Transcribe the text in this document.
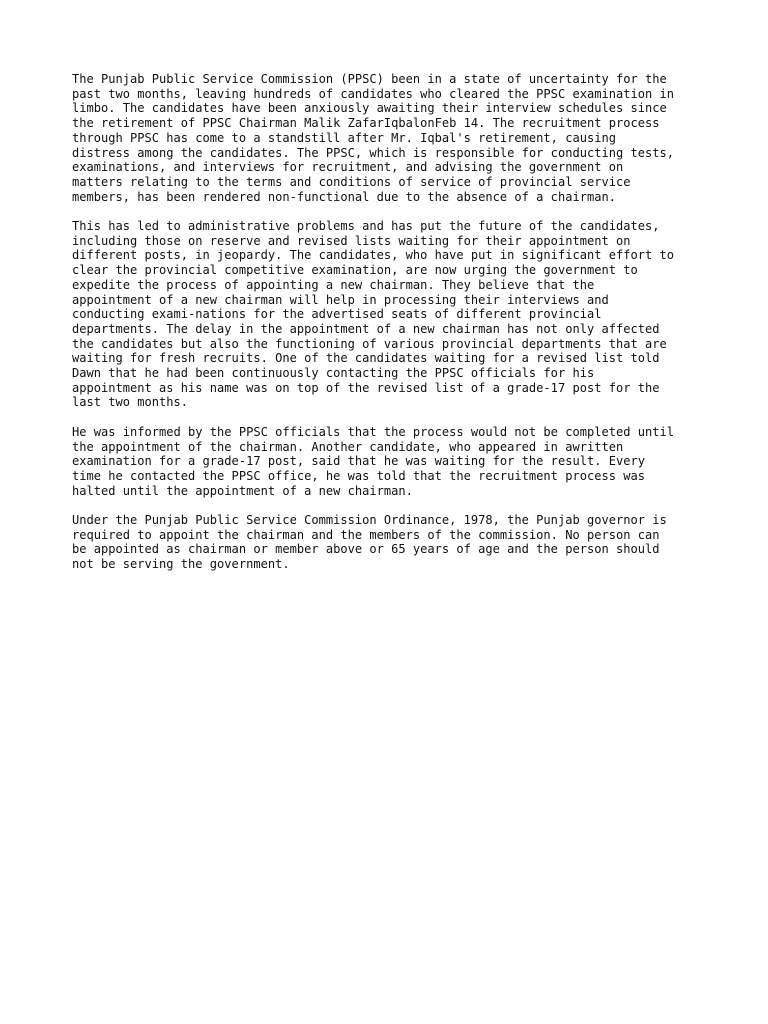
The Punjab Public Service Commission (PPSC) been in a state of uncertainty for the
past two months, leaving hundreds of candidates who cleared the PPSC examination in
limbo. The candidates have been anxiously awaiting their interview schedules since
the retirement of PPSC Chairman Malik ZafarIqbalonFeb 14. The recruitment process
through PPSC has come to a standstill after Mr. Iqbal's retirement, causing
distress among the candidates. The PPSC, which is responsible for conducting tests,
examinations, and interviews for recruitment, and advising the government on
matters relating to the terms and conditions of service of provincial service
members, has been rendered non-functional due to the absence of a chairman.

This has led to administrative problems and has put the future of the candidates,
including those on reserve and revised lists waiting for their appointment on
different posts, in jeopardy. The candidates, who have put in significant effort to
clear the provincial competitive examination, are now urging the government to
expedite the process of appointing a new chairman. They believe that the
appointment of a new chairman will help in processing their interviews and
conducting exami-nations for the advertised seats of different provincial
departments. The delay in the appointment of a new chairman has not only affected
the candidates but also the functioning of various provincial departments that are
waiting for fresh recruits. One of the candidates waiting for a revised list told
Dawn that he had been continuously contacting the PPSC officials for his
appointment as his name was on top of the revised list of a grade-17 post for the
last two months.

He was informed by the PPSC officials that the process would not be completed until
the appointment of the chairman. Another candidate, who appeared in awritten
examination for a grade-17 post, said that he was waiting for the result. Every
time he contacted the PPSC office, he was told that the recruitment process was
halted until the appointment of a new chairman.

Under the Punjab Public Service Commission Ordinance, 1978, the Punjab governor is
required to appoint the chairman and the members of the commission. No person can
be appointed as chairman or member above or 65 years of age and the person should
not be serving the government.
